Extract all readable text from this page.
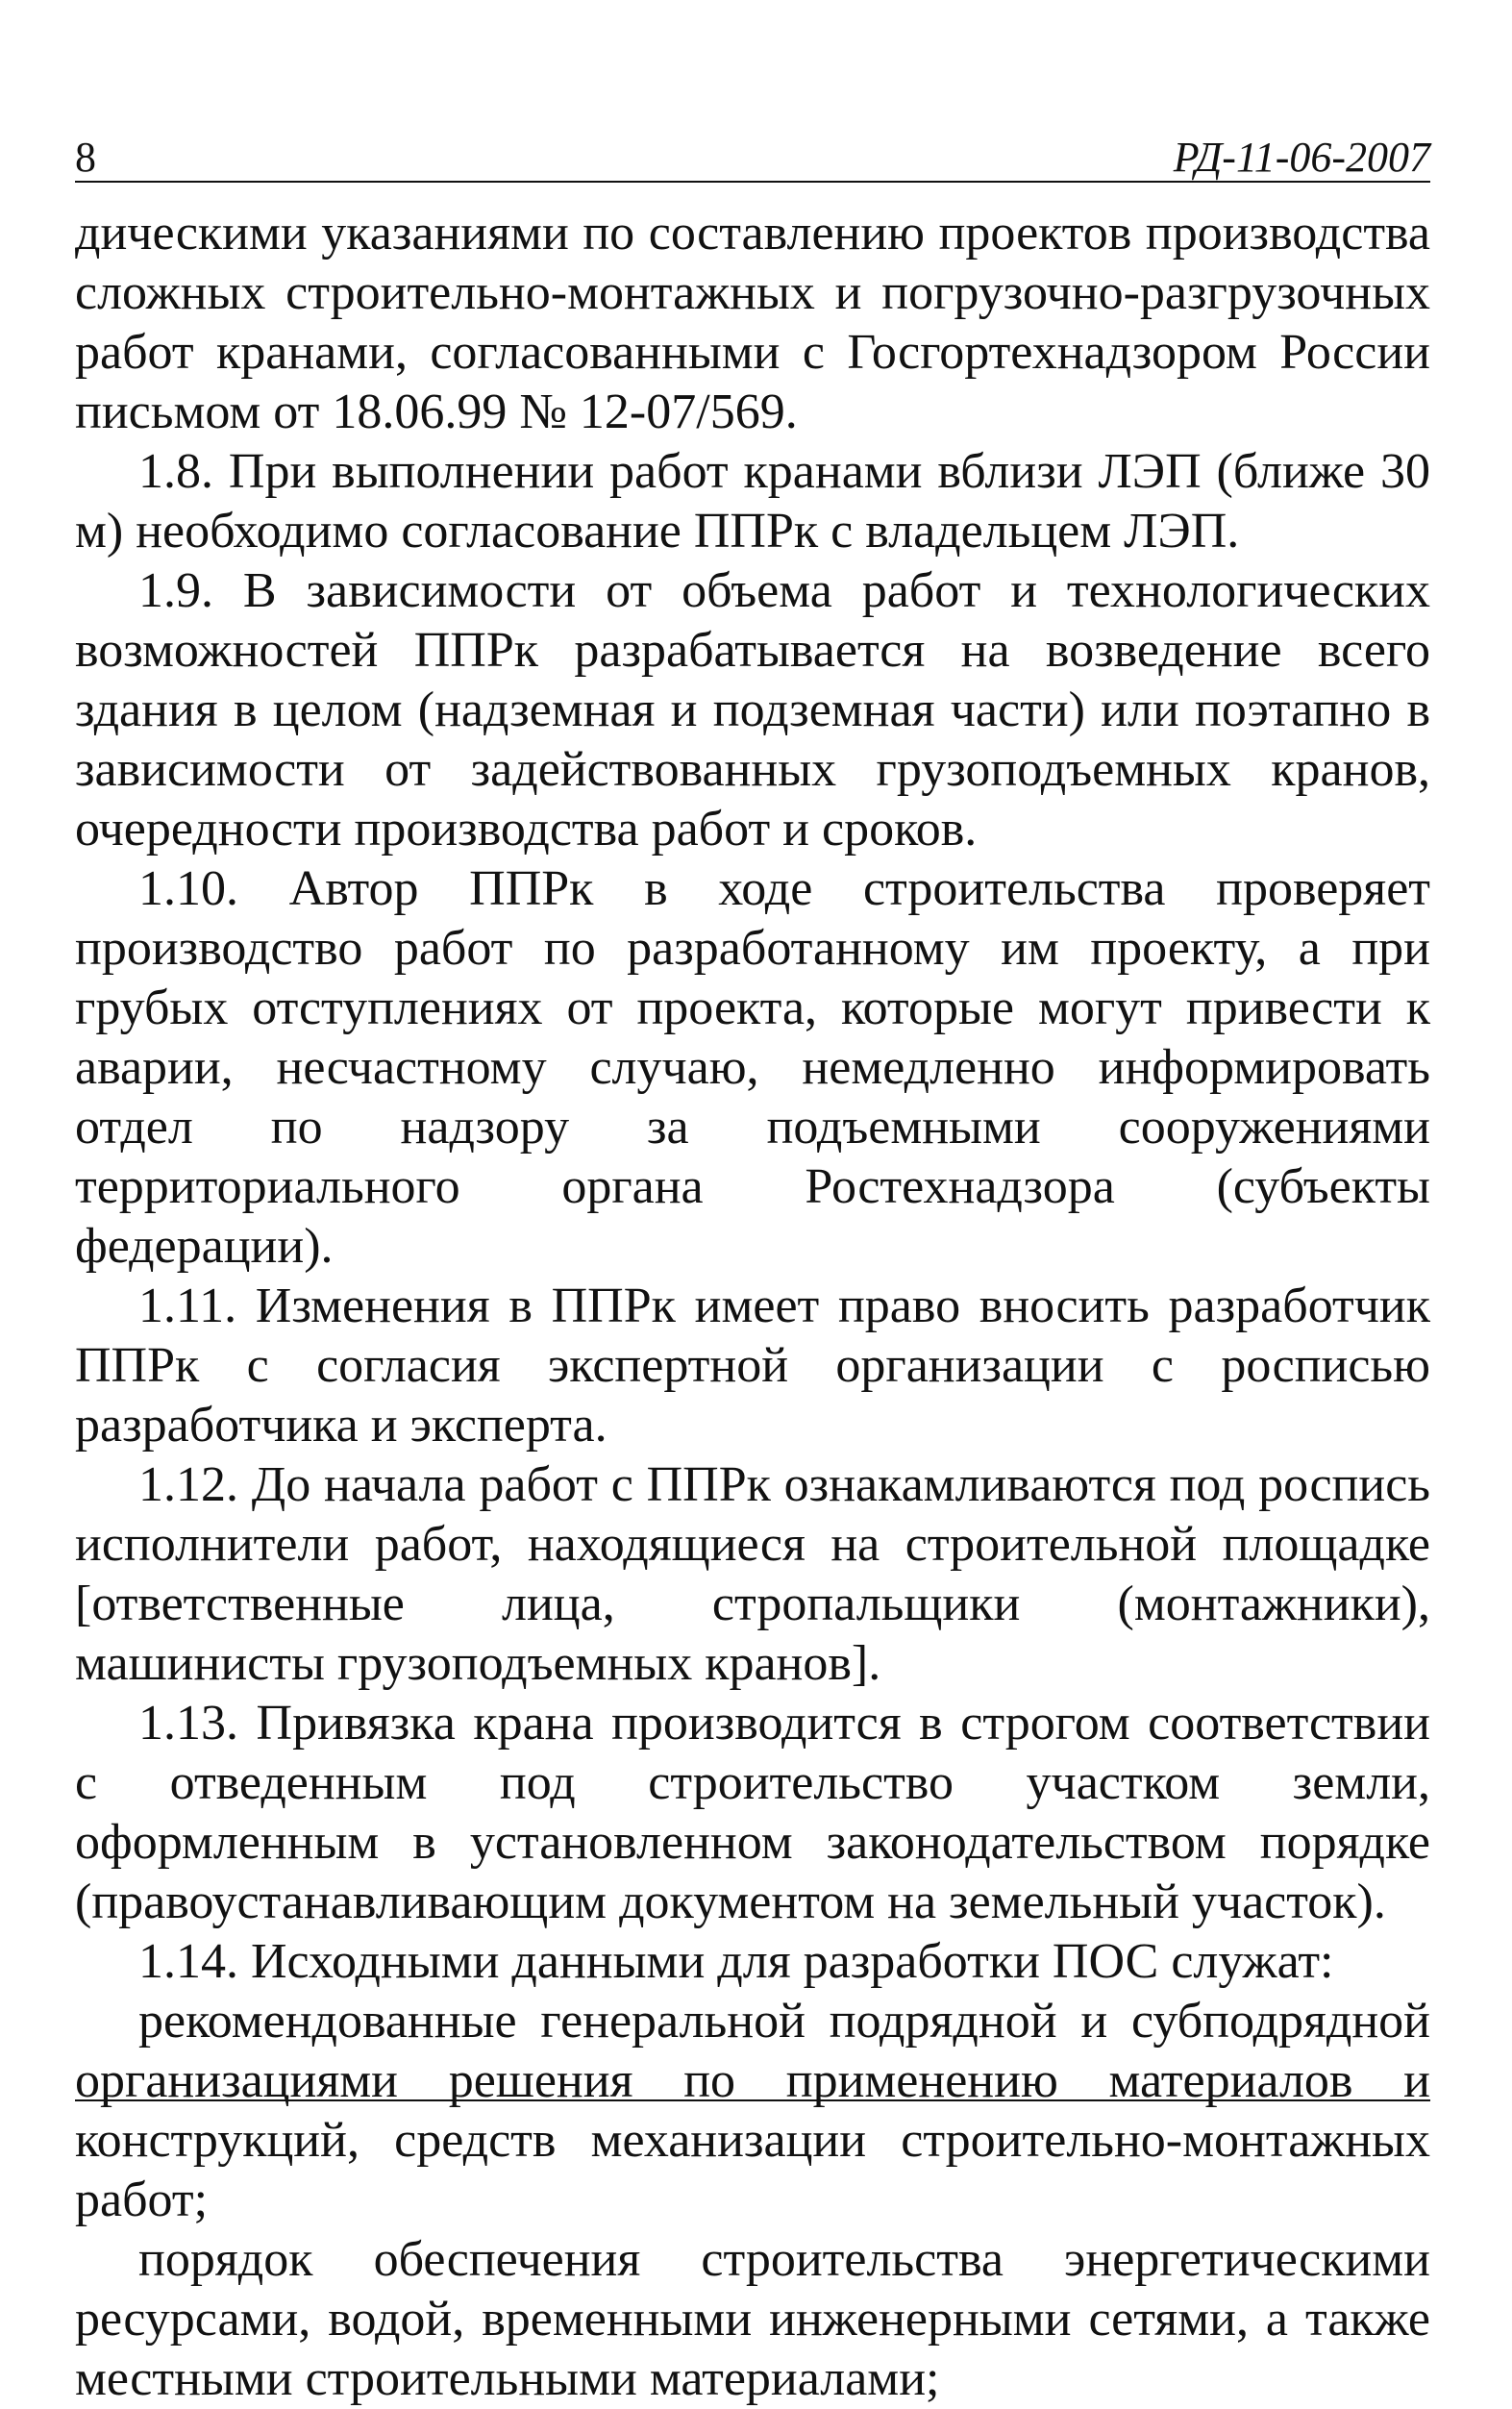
8	РД-11-06-2007

дическими указаниями по составлению проектов производства сложных строительно-монтажных и погрузочно-разгрузочных работ кранами, согласованными с Госгортехнадзором России письмом от 18.06.99 № 12-07/569.

1.8. При выполнении работ кранами вблизи ЛЭП (ближе 30 м) необходимо согласование ППРк с владельцем ЛЭП.

1.9. В зависимости от объема работ и технологических возможностей ППРк разрабатывается на возведение всего здания в целом (надземная и подземная части) или поэтапно в зависимости от задействованных грузоподъемных кранов, очередности производства работ и сроков.

1.10. Автор ППРк в ходе строительства проверяет производство работ по разработанному им проекту, а при грубых отступлениях от проекта, которые могут привести к аварии, несчастному случаю, немедленно информировать отдел по надзору за подъемными сооружениями территориального органа Ростехнадзора (субъекты федерации).

1.11. Изменения в ППРк имеет право вносить разработчик ППРк с согласия экспертной организации с росписью разработчика и эксперта.

1.12. До начала работ с ППРк ознакамливаются под роспись исполнители работ, находящиеся на строительной площадке [ответственные лица, стропальщики (монтажники), машинисты грузоподъемных кранов].

1.13. Привязка крана производится в строгом соответствии с отведенным под строительство участком земли, оформленным в установленном законодательством порядке (правоустанавливающим документом на земельный участок).

1.14. Исходными данными для разработки ПОС служат:

рекомендованные генеральной подрядной и субподрядной организациями решения по применению материалов и конструкций, средств механизации строительно-монтажных работ;

порядок обеспечения строительства энергетическими ресурсами, водой, временными инженерными сетями, а также местными строительными материалами;
